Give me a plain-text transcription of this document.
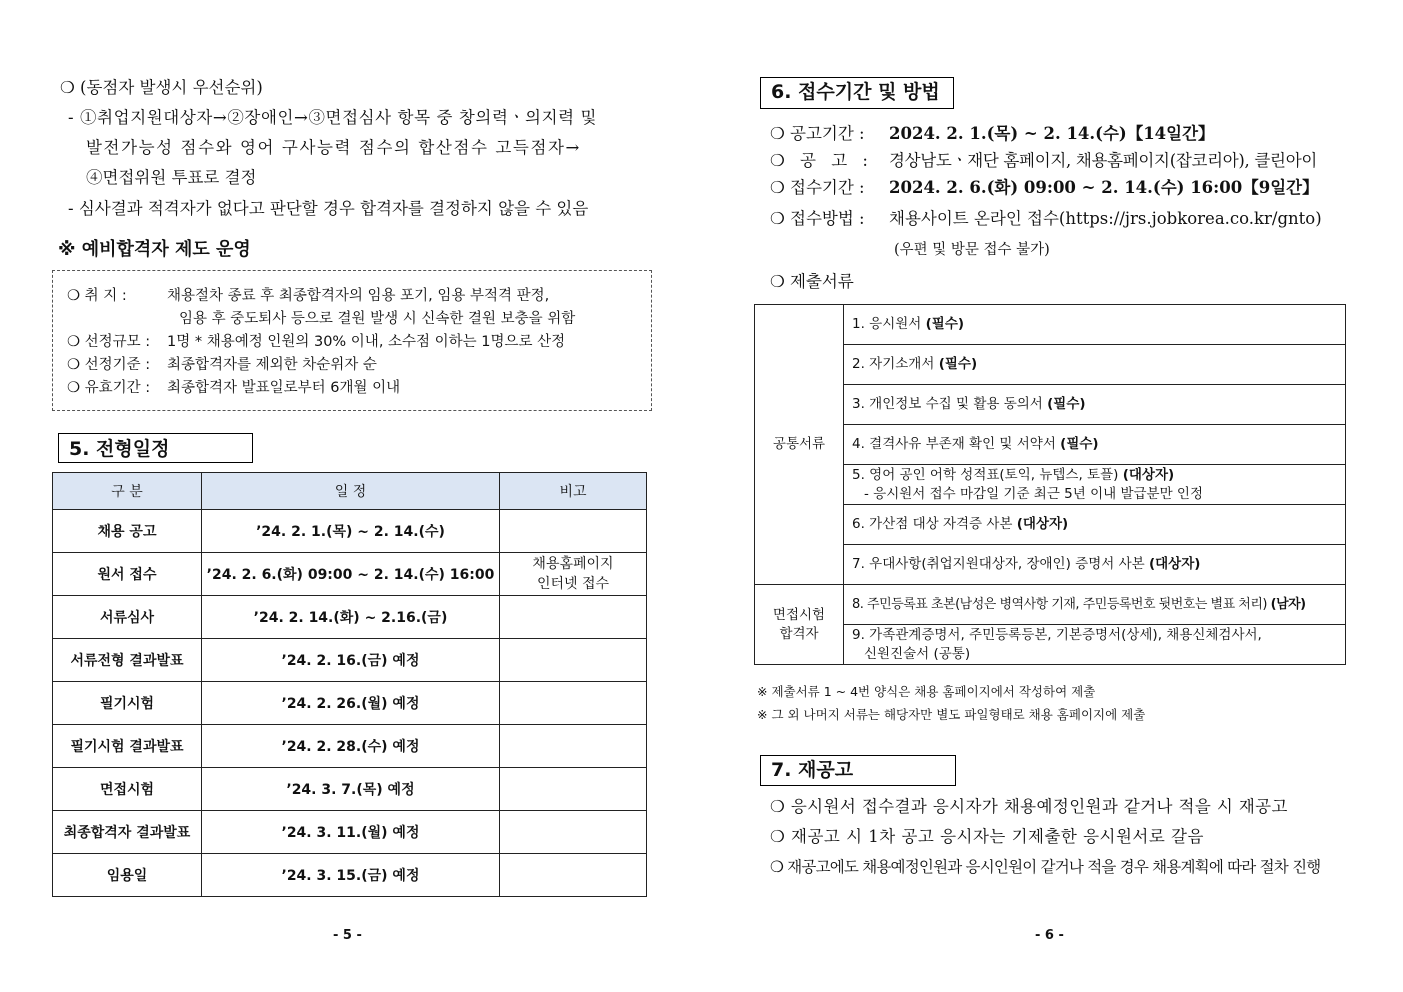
❍ (동점자 발생시 우선순위)
- ①취업지원대상자→②장애인→③면접심사 항목 중 창의력ㆍ의지력 및
발전가능성 점수와 영어 구사능력 점수의 합산점수 고득점자→
④면접위원 투표로 결정
- 심사결과 적격자가 없다고 판단할 경우 합격자를 결정하지 않을 수 있음
※ 예비합격자 제도 운영
❍ 취 지 :	채용절차 종료 후 최종합격자의 임용 포기, 임용 부적격 판정,
임용 후 중도퇴사 등으로 결원 발생 시 신속한 결원 보충을 위함
❍ 선정규모 : 1명 * 채용예정 인원의 30% 이내, 소수점 이하는 1명으로 산정
❍ 선정기준 : 최종합격자를 제외한 차순위자 순
❍ 유효기간 : 최종합격자 발표일로부터 6개월 이내
5. 전형일정
구 분	일 정	비고
채용 공고	’24. 2. 1.(목) ~ 2. 14.(수)	
원서 접수	’24. 2. 6.(화) 09:00 ~ 2. 14.(수) 16:00	채용홈페이지
인터넷 접수

서류심사	’24. 2. 14.(화) ~ 2.16.(금)	
서류전형 결과발표	’24. 2. 16.(금) 예정	
필기시험	’24. 2. 26.(월) 예정	
필기시험 결과발표	’24. 2. 28.(수) 예정	
면접시험	’24. 3. 7.(목) 예정	
최종합격자 결과발표	’24. 3. 11.(월) 예정	
임용일	’24. 3. 15.(금) 예정	
- 5 -
6. 접수기간 및 방법
❍ 공고기간 : 2024. 2. 1.(목) ~ 2. 14.(수)【14일간】
❍ 공 고 : 경상남도ㆍ재단 홈페이지, 채용홈페이지(잡코리아), 클린아이
❍ 접수기간 : 2024. 2. 6.(화) 09:00 ~ 2. 14.(수) 16:00【9일간】
❍ 접수방법 : 채용사이트 온라인 접수(https://jrs.jobkorea.co.kr/gnto)
(우편 및 방문 접수 불가)
❍ 제출서류
공통서류	1. 응시원서 (필수)
	2. 자기소개서 (필수)
	3. 개인정보 수집 및 활용 동의서 (필수)
	4. 결격사유 부존재 확인 및 서약서 (필수)
	5. 영어 공인 어학 성적표(토익, 뉴텝스, 토플) (대상자)
- 응시원서 접수 마감일 기준 최근 5년 이내 발급분만 인정
	6. 가산점 대상 자격증 사본 (대상자)
	7. 우대사항(취업지원대상자, 장애인) 증명서 사본 (대상자)

면접시험
합격자	8. 주민등록표 초본(남성은 병역사항 기재, 주민등록번호 뒷번호는 별표 처리) (남자)
	9. 가족관계증명서, 주민등록등본, 기본증명서(상세), 채용신체검사서,
신원진술서 (공통)
※ 제출서류 1 ~ 4번 양식은 채용 홈페이지에서 작성하여 제출
※ 그 외 나머지 서류는 해당자만 별도 파일형태로 채용 홈페이지에 제출
7. 재공고
❍ 응시원서 접수결과 응시자가 채용예정인원과 같거나 적을 시 재공고
❍ 재공고 시 1차 공고 응시자는 기제출한 응시원서로 갈음
❍ 재공고에도 채용예정인원과 응시인원이 같거나 적을 경우 채용계획에 따라 절차 진행
- 6 -
